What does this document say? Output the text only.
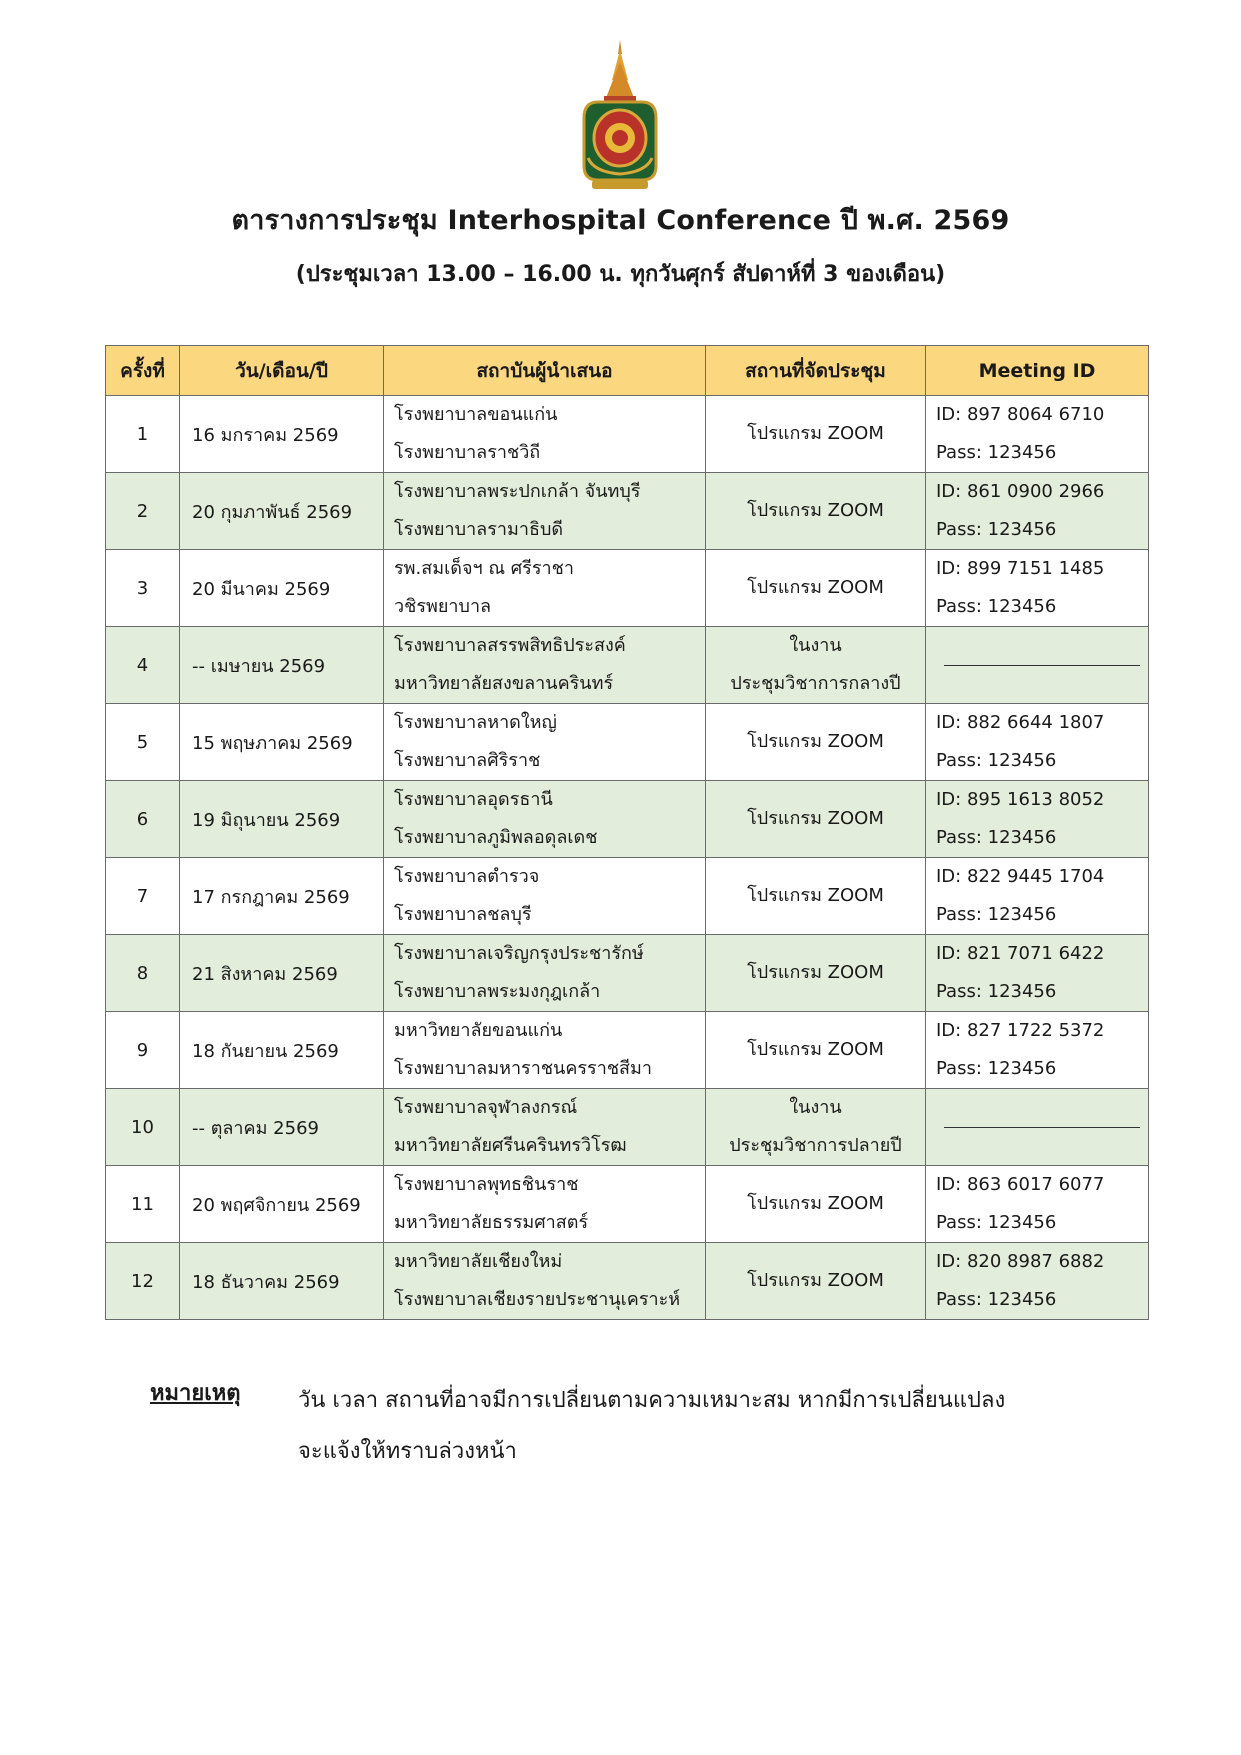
ตารางการประชุม Interhospital Conference ปี พ.ศ. 2569
(ประชุมเวลา 13.00 – 16.00 น. ทุกวันศุกร์ สัปดาห์ที่ 3 ของเดือน)
ครั้งที่	วัน/เดือน/ปี	สถาบันผู้นำเสนอ	สถานที่จัดประชุม	Meeting ID
1	16 มกราคม 2569	โรงพยาบาลขอนแก่น
โรงพยาบาลราชวิถี	โปรแกรม ZOOM	ID: 897 8064 6710
Pass: 123456

2	20 กุมภาพันธ์ 2569	โรงพยาบาลพระปกเกล้า จันทบุรี
โรงพยาบาลรามาธิบดี	โปรแกรม ZOOM	ID: 861 0900 2966
Pass: 123456

3	20 มีนาคม 2569	รพ.สมเด็จฯ ณ ศรีราชา
วชิรพยาบาล	โปรแกรม ZOOM	ID: 899 7151 1485
Pass: 123456

4	-- เมษายน 2569	โรงพยาบาลสรรพสิทธิประสงค์
มหาวิทยาลัยสงขลานครินทร์	ในงาน
ประชุมวิชาการกลางปี	

5	15 พฤษภาคม 2569	โรงพยาบาลหาดใหญ่
โรงพยาบาลศิริราช	โปรแกรม ZOOM	ID: 882 6644 1807
Pass: 123456

6	19 มิถุนายน 2569	โรงพยาบาลอุดรธานี
โรงพยาบาลภูมิพลอดุลเดช	โปรแกรม ZOOM	ID: 895 1613 8052
Pass: 123456

7	17 กรกฎาคม 2569	โรงพยาบาลตำรวจ
โรงพยาบาลชลบุรี	โปรแกรม ZOOM	ID: 822 9445 1704
Pass: 123456

8	21 สิงหาคม 2569	โรงพยาบาลเจริญกรุงประชารักษ์
โรงพยาบาลพระมงกุฎเกล้า	โปรแกรม ZOOM	ID: 821 7071 6422
Pass: 123456

9	18 กันยายน 2569	มหาวิทยาลัยขอนแก่น
โรงพยาบาลมหาราชนครราชสีมา	โปรแกรม ZOOM	ID: 827 1722 5372
Pass: 123456

10	-- ตุลาคม 2569	โรงพยาบาลจุฬาลงกรณ์
มหาวิทยาลัยศรีนครินทรวิโรฒ	ในงาน
ประชุมวิชาการปลายปี	

11	20 พฤศจิกายน 2569	โรงพยาบาลพุทธชินราช
มหาวิทยาลัยธรรมศาสตร์	โปรแกรม ZOOM	ID: 863 6017 6077
Pass: 123456

12	18 ธันวาคม 2569	มหาวิทยาลัยเชียงใหม่
โรงพยาบาลเชียงรายประชานุเคราะห์	โปรแกรม ZOOM	ID: 820 8987 6882
Pass: 123456
หมายเหตุ	วัน เวลา สถานที่อาจมีการเปลี่ยนตามความเหมาะสม หากมีการเปลี่ยนแปลง
จะแจ้งให้ทราบล่วงหน้า
